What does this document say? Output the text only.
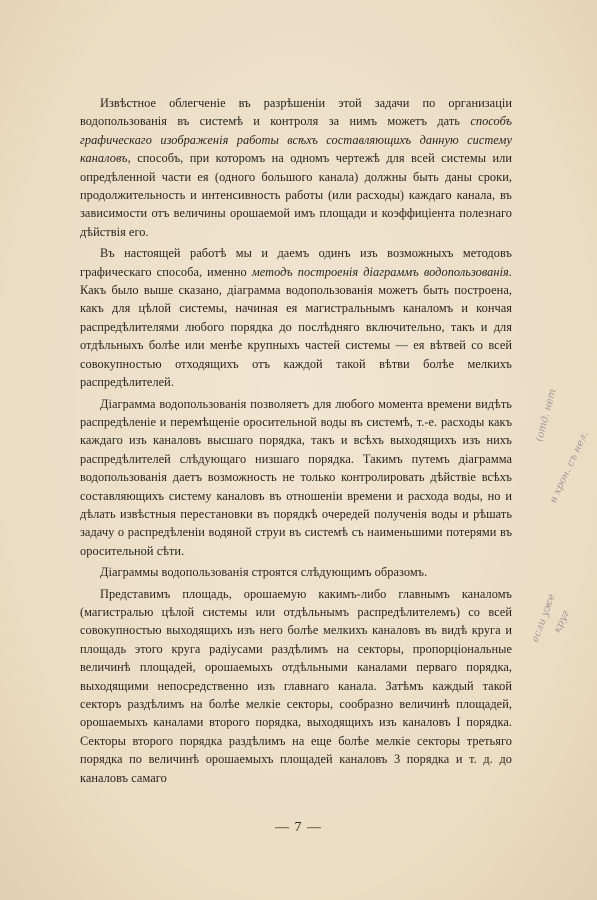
Извѣстное облегченіе въ разрѣшеніи этой задачи по организаціи водопользованія въ системѣ и контроля за нимъ можетъ дать способъ графическаго изображенія работы всѣхъ составляющихъ данную систему каналовъ, способъ, при которомъ на одномъ чертежѣ для всей системы или опредѣленной части ея (одного большого канала) должны быть даны сроки, продолжительность и интенсивность работы (или расходы) каждаго канала, въ зависимости отъ величины орошаемой имъ площади и коэффиціента полезнаго дѣйствія его.

Въ настоящей работѣ мы и даемъ одинъ изъ возможныхъ методовъ графическаго способа, именно методъ построенія діаграммъ водопользованія. Какъ было выше сказано, діаграмма водопользованія можетъ быть построена, какъ для цѣлой системы, начиная ея магистральнымъ каналомъ и кончая распредѣлителями любого порядка до послѣдняго включительно, такъ и для отдѣльныхъ болѣе или менѣе крупныхъ частей системы — ея вѣтвей со всей совокупностью отходящихъ отъ каждой такой вѣтви болѣе мелкихъ распредѣлителей.

Діаграмма водопользованія позволяетъ для любого момента времени видѣть распредѣленіе и перемѣщеніе оросительной воды въ системѣ, т.-е. расходы какъ каждаго изъ каналовъ высшаго порядка, такъ и всѣхъ выходящихъ изъ нихъ распредѣлителей слѣдующаго низшаго порядка. Такимъ путемъ діаграмма водопользованія даетъ возможность не только контролировать дѣйствіе всѣхъ составляющихъ систему каналовъ въ отношеніи времени и расхода воды, но и дѣлать извѣстныя перестановки въ порядкѣ очередей полученія воды и рѣшать задачу о распредѣленіи водяной струи въ системѣ съ наименьшими потерями въ оросительной сѣти.

Діаграммы водопользованія строятся слѣдующимъ образомъ.

Представимъ площадь, орошаемую какимъ-либо главнымъ каналомъ (магистралью цѣлой системы или отдѣльнымъ распредѣлителемъ) со всей совокупностью выходящихъ изъ него болѣе мелкихъ каналовъ въ видѣ круга и площадь этого круга радіусами раздѣлимъ на секторы, пропорціональные величинѣ площадей, орошаемыхъ отдѣльными каналами перваго порядка, выходящими непосредственно изъ главнаго канала. Затѣмъ каждый такой секторъ раздѣлимъ на болѣе мелкіе секторы, сообразно величинѣ площадей, орошаемыхъ каналами второго порядка, выходящихъ изъ каналовъ I порядка. Секторы второго порядка раздѣлимъ на еще болѣе мелкіе секторы третьяго порядка по величинѣ орошаемыхъ площадей каналовъ 3 порядка и т. д. до каналовъ самаго

— 7 —
(отд. нет
в хрон. съ нел.
если уже
круг
